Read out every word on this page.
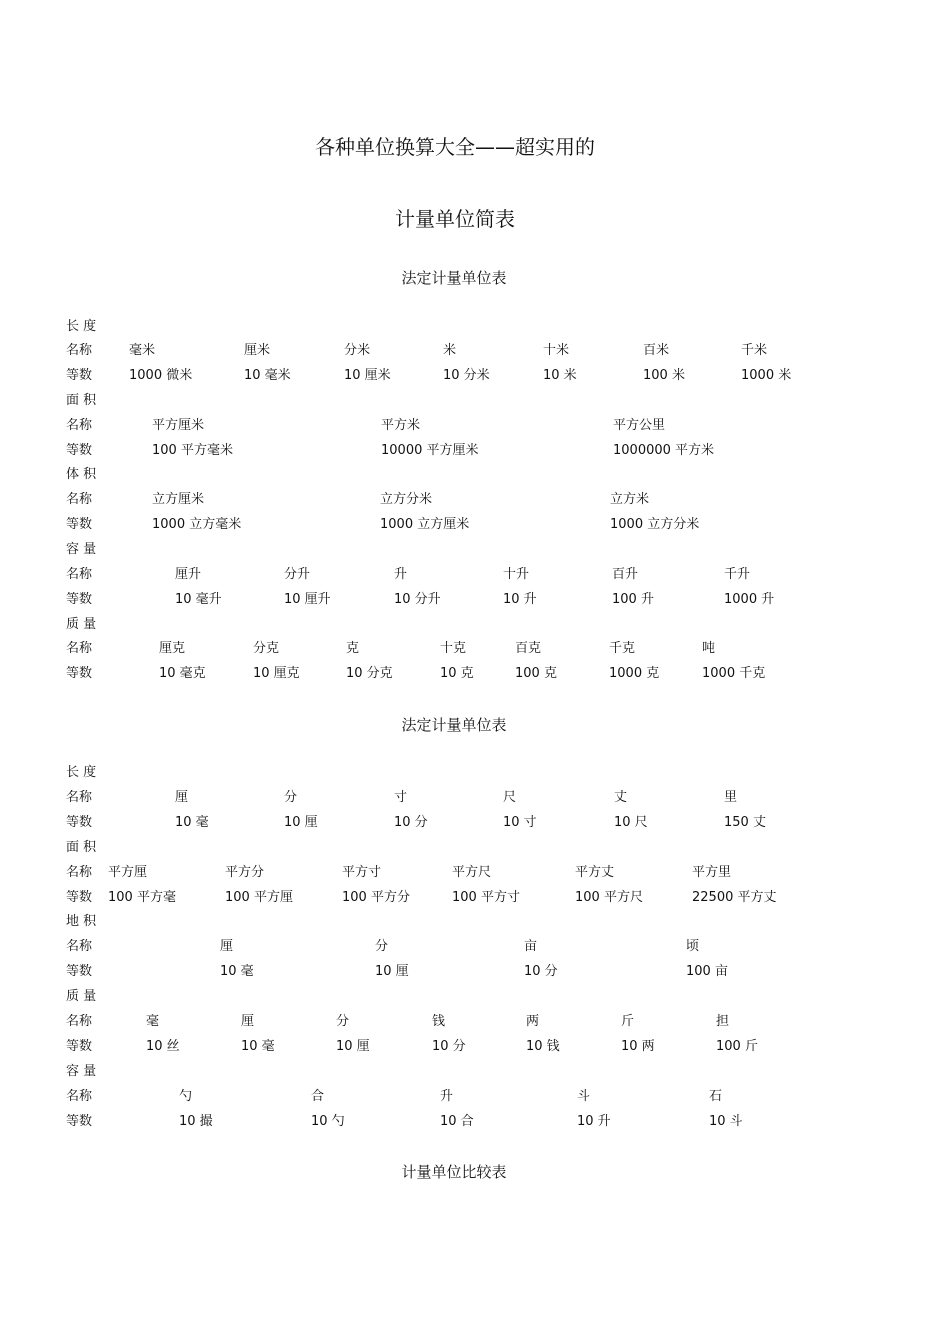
各种单位换算大全——超实用的
计量单位简表
法定计量单位表
长 度
名称	毫米	厘米	分米	米	十米	百米	千米
等数	1000 微米	10 毫米	10 厘米	10 分米	10 米	100 米	1000 米
面 积
名称	平方厘米	平方米	平方公里
等数	100 平方毫米	10000 平方厘米	1000000 平方米
体 积
名称	立方厘米	立方分米	立方米
等数	1000 立方毫米	1000 立方厘米	1000 立方分米
容 量
名称	厘升	分升	升	十升	百升	千升
等数	10 毫升	10 厘升	10 分升	10 升	100 升	1000 升
质 量
名称	厘克	分克	克	十克	百克	千克	吨
等数	10 毫克	10 厘克	10 分克	10 克	100 克	1000 克	1000 千克
法定计量单位表
长 度
名称	厘	分	寸	尺	丈	里
等数	10 毫	10 厘	10 分	10 寸	10 尺	150 丈
面 积
名称 平方厘	平方分	平方寸	平方尺	平方丈	平方里
等数 100 平方毫	100 平方厘	100 平方分	100 平方寸	100 平方尺	22500 平方丈
地 积
名称	厘	分	亩	顷
等数	10 毫	10 厘	10 分	100 亩
质 量
名称	毫	厘	分	钱	两	斤	担
等数	10 丝	10 毫	10 厘	10 分	10 钱	10 两	100 斤
容 量
名称	勺	合	升	斗	石
等数	10 撮	10 勺	10 合	10 升	10 斗
计量单位比较表
